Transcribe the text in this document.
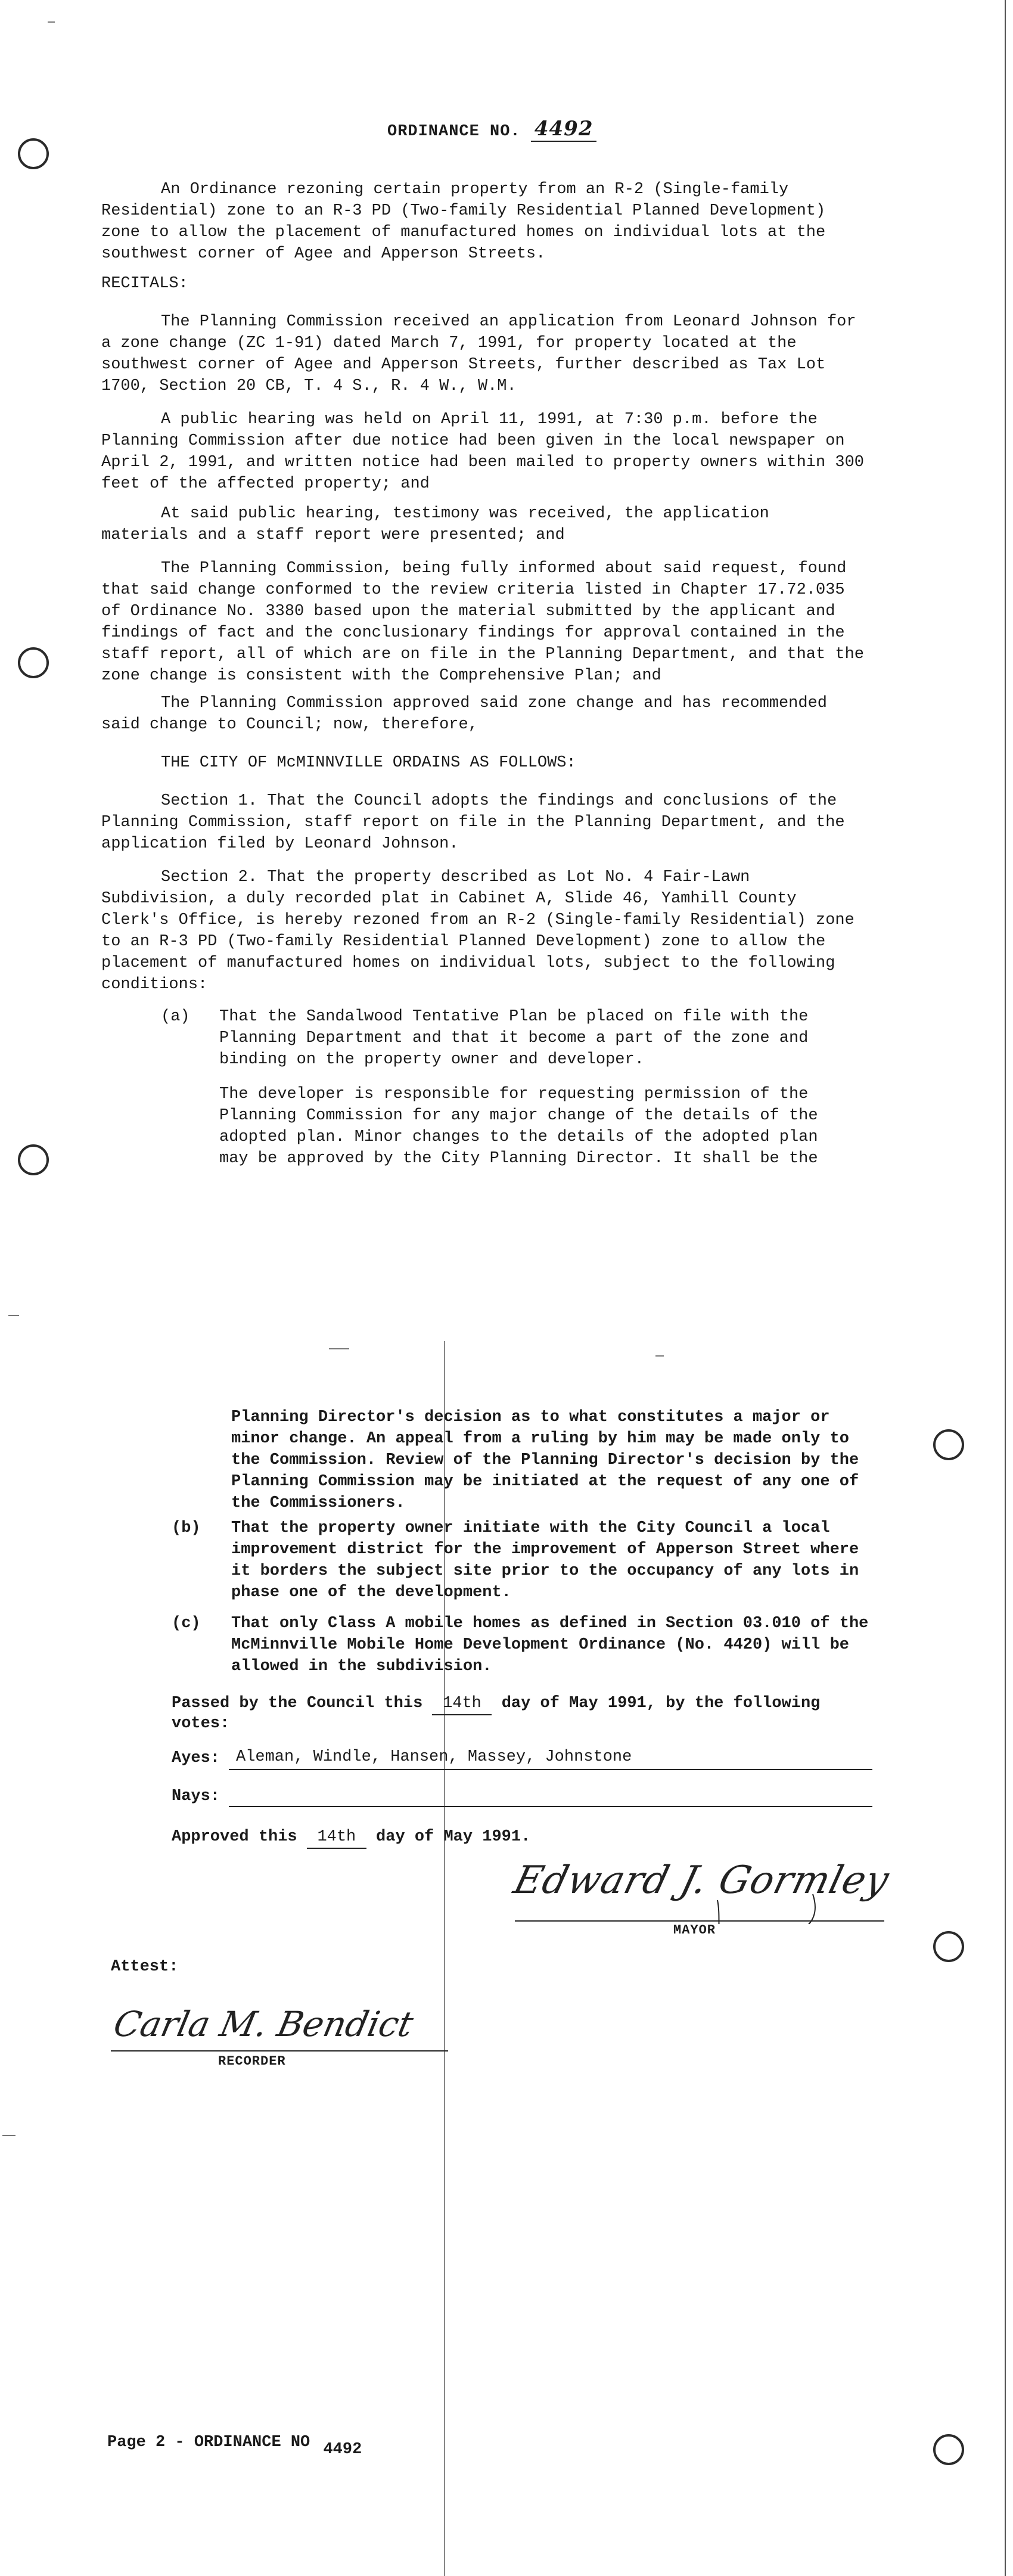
ORDINANCE NO. 4492

An Ordinance rezoning certain property from an R-2 (Single-family Residential) zone to an R-3 PD (Two-family Residential Planned Development) zone to allow the placement of manufactured homes on individual lots at the southwest corner of Agee and Apperson Streets.

RECITALS:

The Planning Commission received an application from Leonard Johnson for a zone change (ZC 1-91) dated March 7, 1991, for property located at the southwest corner of Agee and Apperson Streets, further described as Tax Lot 1700, Section 20 CB, T. 4 S., R. 4 W., W.M.

A public hearing was held on April 11, 1991, at 7:30 p.m. before the Planning Commission after due notice had been given in the local newspaper on April 2, 1991, and written notice had been mailed to property owners within 300 feet of the affected property; and

At said public hearing, testimony was received, the application materials and a staff report were presented; and

The Planning Commission, being fully informed about said request, found that said change conformed to the review criteria listed in Chapter 17.72.035 of Ordinance No. 3380 based upon the material submitted by the applicant and findings of fact and the conclusionary findings for approval contained in the staff report, all of which are on file in the Planning Department, and that the zone change is consistent with the Comprehensive Plan; and

The Planning Commission approved said zone change and has recommended said change to Council; now, therefore,

THE CITY OF McMINNVILLE ORDAINS AS FOLLOWS:

Section 1. That the Council adopts the findings and conclusions of the Planning Commission, staff report on file in the Planning Department, and the application filed by Leonard Johnson.

Section 2. That the property described as Lot No. 4 Fair-Lawn Subdivision, a duly recorded plat in Cabinet A, Slide 46, Yamhill County Clerk's Office, is hereby rezoned from an R-2 (Single-family Residential) zone to an R-3 PD (Two-family Residential Planned Development) zone to allow the placement of manufactured homes on individual lots, subject to the following conditions:

(a)	That the Sandalwood Tentative Plan be placed on file with the Planning Department and that it become a part of the zone and binding on the property owner and developer.

The developer is responsible for requesting permission of the Planning Commission for any major change of the details of the adopted plan. Minor changes to the details of the adopted plan may be approved by the City Planning Director. It shall be the

Planning Director's decision as to what constitutes a major or minor change. An appeal from a ruling by him may be made only to the Commission. Review of the Planning Director's decision by the Planning Commission may be initiated at the request of any one of the Commissioners.

(b)	That the property owner initiate with the City Council a local improvement district for the improvement of Apperson Street where it borders the subject site prior to the occupancy of any lots in phase one of the development.

(c)	That only Class A mobile homes as defined in Section 03.010 of the McMinnville Mobile Home Development Ordinance (No. 4420) will be allowed in the subdivision.

Passed by the Council this 14th day of May 1991, by the following

votes:

Ayes: Aleman, Windle, Hansen, Massey, Johnstone

Nays:

Approved this 14th day of May 1991.
Edward J. Gormley

MAYOR

Attest:

Carla M. Bendict

RECORDER

Page 2 - ORDINANCE NO 4492
